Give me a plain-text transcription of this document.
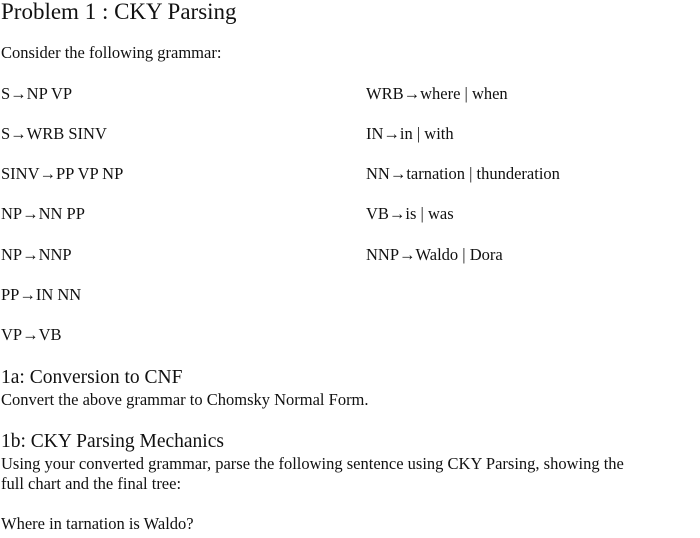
Problem 1 : CKY Parsing
Consider the following grammar:
S→NP VP
S→WRB SINV
SINV→PP VP NP
NP→NN PP
NP→NNP
PP→IN NN
VP→VB
WRB→where | when
IN→in | with
NN→tarnation | thunderation
VB→is | was
NNP→Waldo | Dora
1a: Conversion to CNF
Convert the above grammar to Chomsky Normal Form.
1b: CKY Parsing Mechanics
Using your converted grammar, parse the following sentence using CKY Parsing, showing the
full chart and the final tree:
Where in tarnation is Waldo?
